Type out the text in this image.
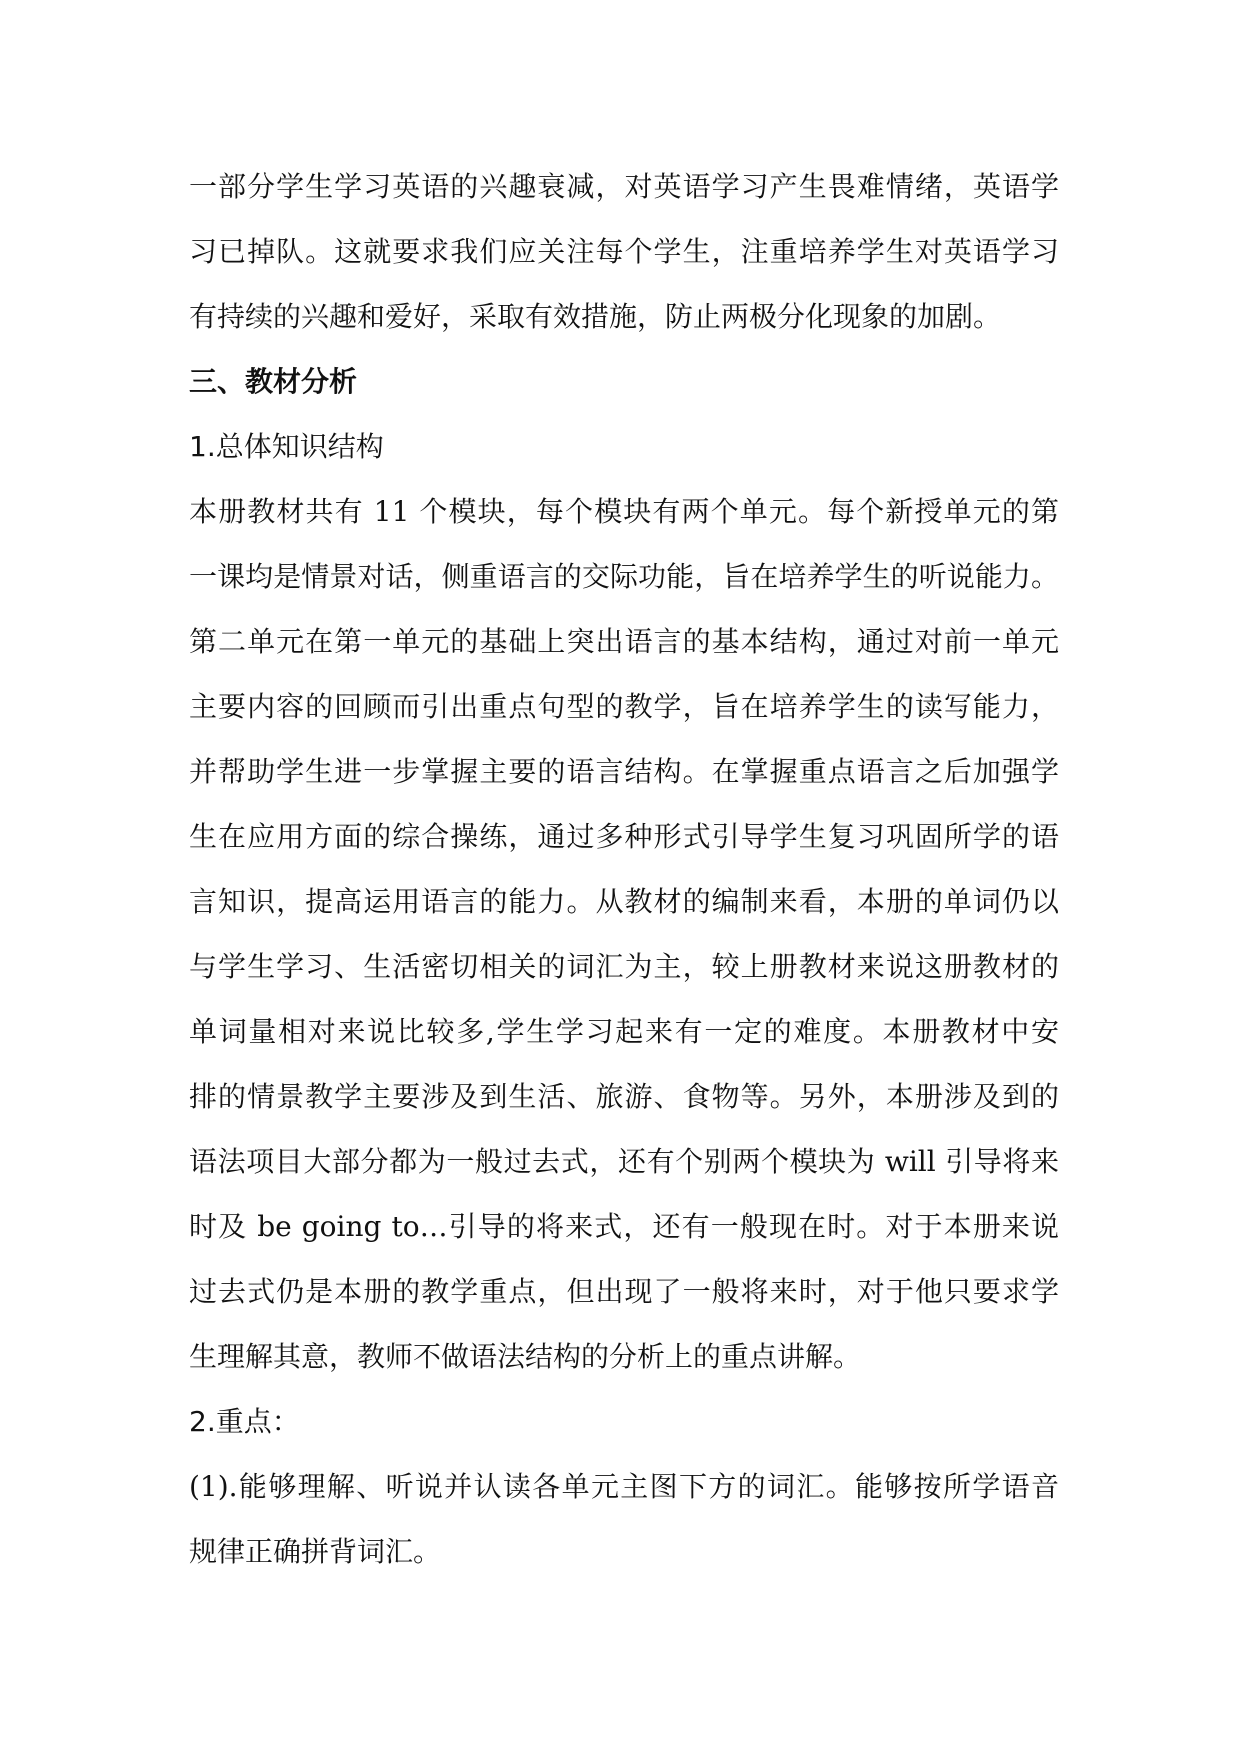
一部分学生学习英语的兴趣衰减，对英语学习产生畏难情绪，英语学
习已掉队。这就要求我们应关注每个学生，注重培养学生对英语学习
有持续的兴趣和爱好，采取有效措施，防止两极分化现象的加剧。
三、教材分析
1.总体知识结构
本册教材共有 11 个模块，每个模块有两个单元。每个新授单元的第
一课均是情景对话，侧重语言的交际功能，旨在培养学生的听说能力。
第二单元在第一单元的基础上突出语言的基本结构，通过对前一单元
主要内容的回顾而引出重点句型的教学，旨在培养学生的读写能力，
并帮助学生进一步掌握主要的语言结构。在掌握重点语言之后加强学
生在应用方面的综合操练，通过多种形式引导学生复习巩固所学的语
言知识，提高运用语言的能力。从教材的编制来看，本册的单词仍以
与学生学习、生活密切相关的词汇为主，较上册教材来说这册教材的
单词量相对来说比较多,学生学习起来有一定的难度。本册教材中安
排的情景教学主要涉及到生活、旅游、食物等。另外，本册涉及到的
语法项目大部分都为一般过去式，还有个别两个模块为 will 引导将来
时及 be going to…引导的将来式，还有一般现在时。对于本册来说
过去式仍是本册的教学重点，但出现了一般将来时，对于他只要求学
生理解其意，教师不做语法结构的分析上的重点讲解。
2.重点：
(1).能够理解、听说并认读各单元主图下方的词汇。能够按所学语音
规律正确拼背词汇。
